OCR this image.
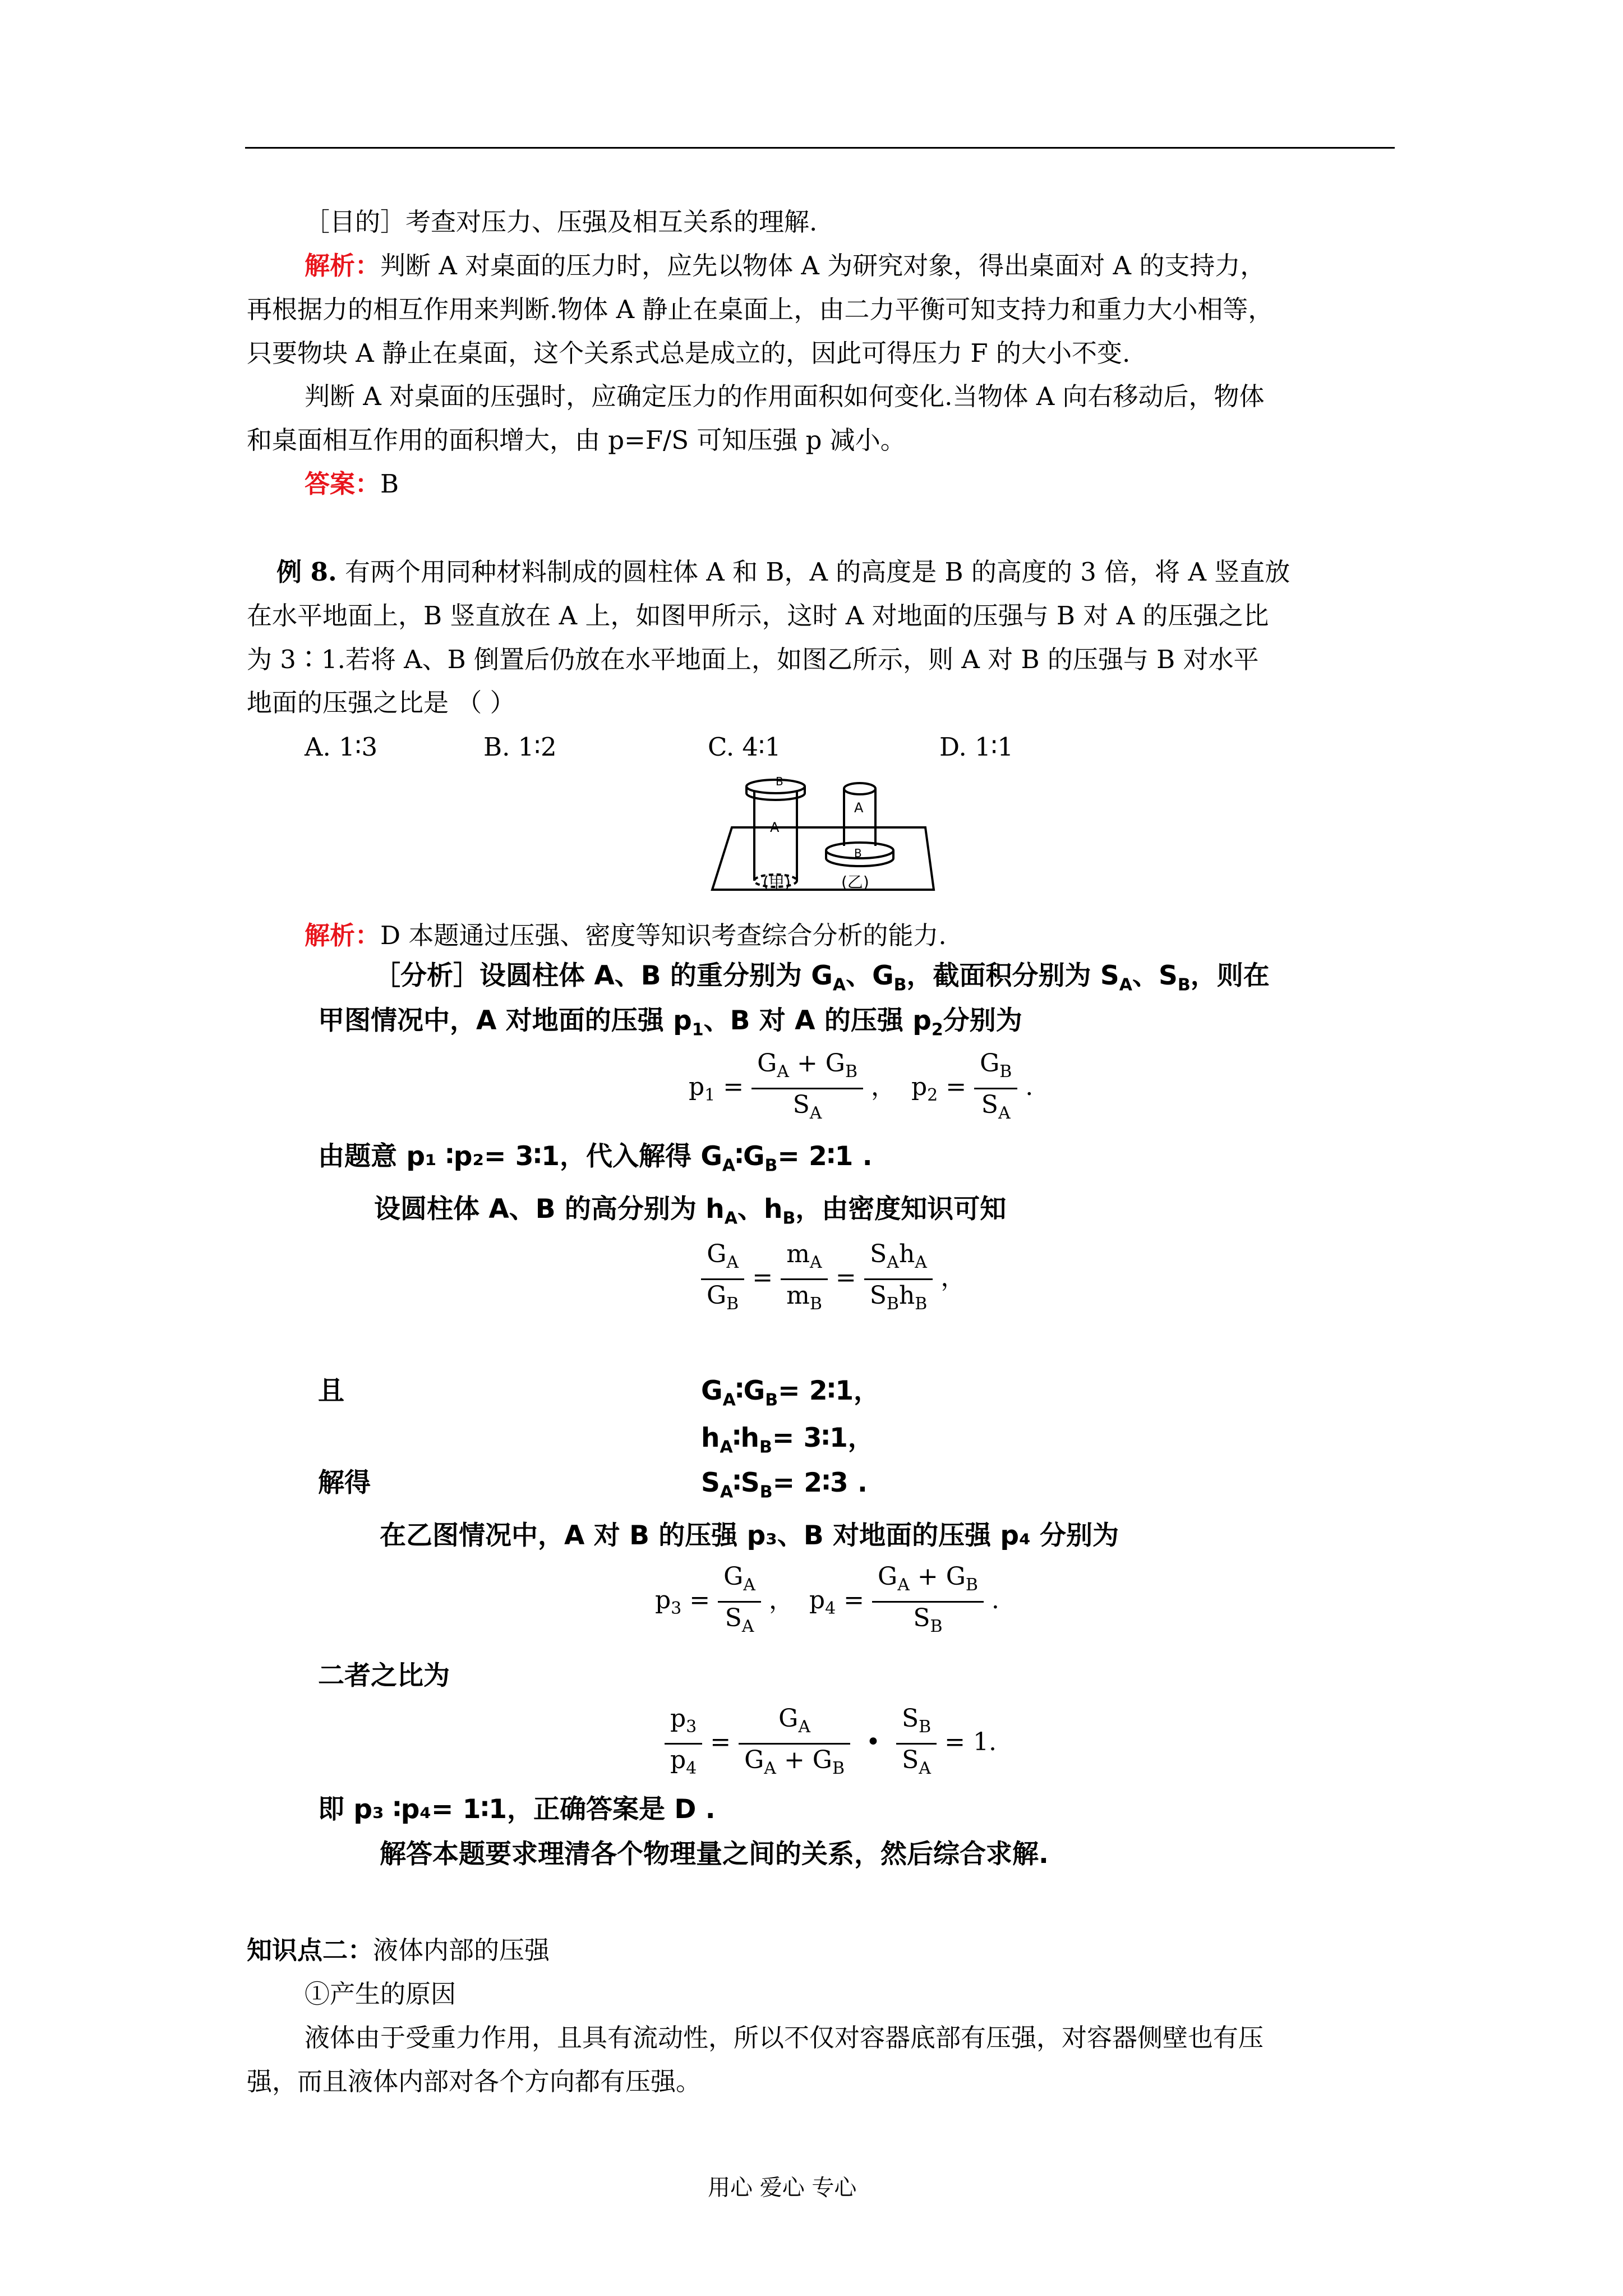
［目的］考查对压力、压强及相互关系的理解.
解析：判断 A 对桌面的压力时，应先以物体 A 为研究对象，得出桌面对 A 的支持力，
再根据力的相互作用来判断.物体 A 静止在桌面上，由二力平衡可知支持力和重力大小相等，
只要物块 A 静止在桌面，这个关系式总是成立的，因此可得压力 F 的大小不变.
判断 A 对桌面的压强时，应确定压力的作用面积如何变化.当物体 A 向右移动后，物体
和桌面相互作用的面积增大，由 p=F/S 可知压强 p 减小。
答案：B
例 8. 有两个用同种材料制成的圆柱体 A 和 B，A 的高度是 B 的高度的 3 倍，将 A 竖直放
在水平地面上，B 竖直放在 A 上，如图甲所示，这时 A 对地面的压强与 B 对 A 的压强之比
为 3∶1.若将 A、B 倒置后仍放在水平地面上，如图乙所示，则 A 对 B 的压强与 B 对水平
地面的压强之比是 （ ）
A. 1∶3	B. 1∶2	C. 4∶1	D. 1∶1
A
B
A
B
(甲)	(乙)
解析：D 本题通过压强、密度等知识考查综合分析的能力.
［分析］设圆柱体 A、B 的重分别为 $G_A$、$G_B$，截面积分别为 $S_A$、$S_B$，则在
甲图情况中，A 对地面的压强 $p_1$、B 对 A 的压强 $p_2$分别为
$p_1 = \frac{G_A + G_B}{S_A}$ ，  $p_2 = \frac{G_B}{S_A}$ .
由题意 p₁ ∶p₂= 3∶1，代入解得 $G_A∶G_B=$ 2∶1 .
设圆柱体 A、B 的高分别为 $h_A$、$h_B$，由密度知识可知
$\frac{G_A}{G_B} = \frac{m_A}{m_B} = \frac{S_Ah_A}{S_Bh_B}$ ，
且	$G_A∶G_B=$ 2∶1，
$h_A∶h_B=$ 3∶1，
解得	$S_A∶S_B=$ 2∶3 .
在乙图情况中，A 对 B 的压强 p₃、B 对地面的压强 p₄ 分别为
$p_3 = \frac{G_A}{S_A}$ ，  $p_4 = \frac{G_A + G_B}{S_B}$ .
二者之比为
$\frac{p_3}{p_4} = \frac{G_A}{G_A + G_B}$ • $\frac{S_B}{S_A} = 1$.
即 p₃ ∶p₄= 1∶1，正确答案是 D .
解答本题要求理清各个物理量之间的关系，然后综合求解.
知识点二：液体内部的压强
①产生的原因
液体由于受重力作用，且具有流动性，所以不仅对容器底部有压强，对容器侧壁也有压
强，而且液体内部对各个方向都有压强。
用心 爱心 专心
